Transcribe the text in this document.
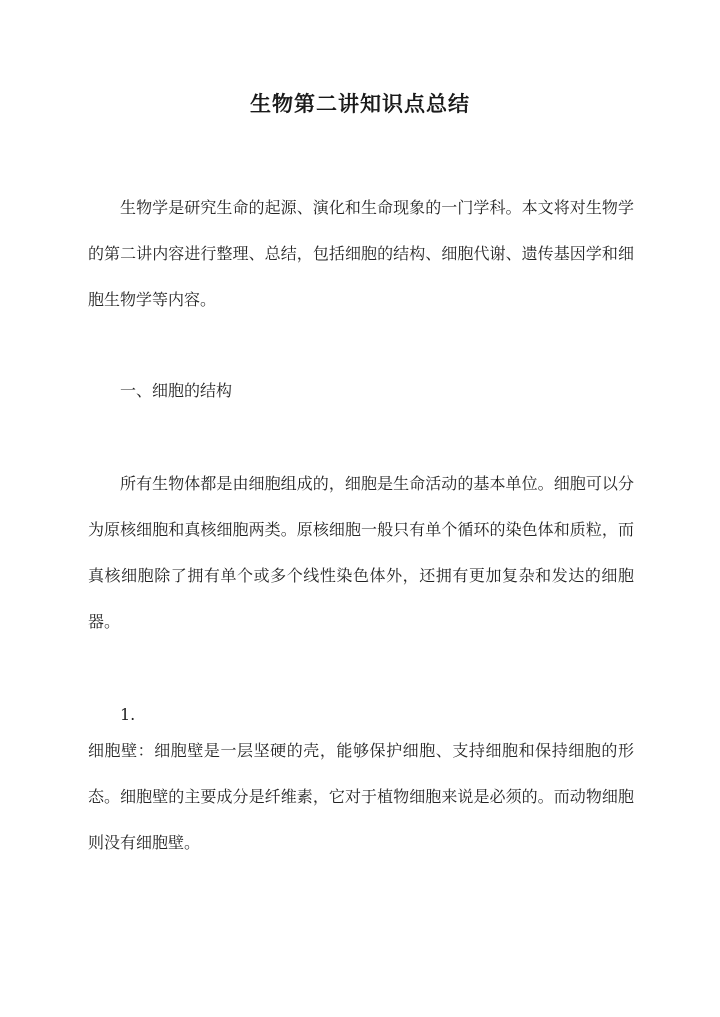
生物第二讲知识点总结

生物学是研究生命的起源、演化和生命现象的一门学科。本文将对生物学的第二讲内容进行整理、总结，包括细胞的结构、细胞代谢、遗传基因学和细胞生物学等内容。

一、细胞的结构

所有生物体都是由细胞组成的，细胞是生命活动的基本单位。细胞可以分为原核细胞和真核细胞两类。原核细胞一般只有单个循环的染色体和质粒，而真核细胞除了拥有单个或多个线性染色体外，还拥有更加复杂和发达的细胞器。

1.

细胞壁：细胞壁是一层坚硬的壳，能够保护细胞、支持细胞和保持细胞的形态。细胞壁的主要成分是纤维素，它对于植物细胞来说是必须的。而动物细胞则没有细胞壁。
